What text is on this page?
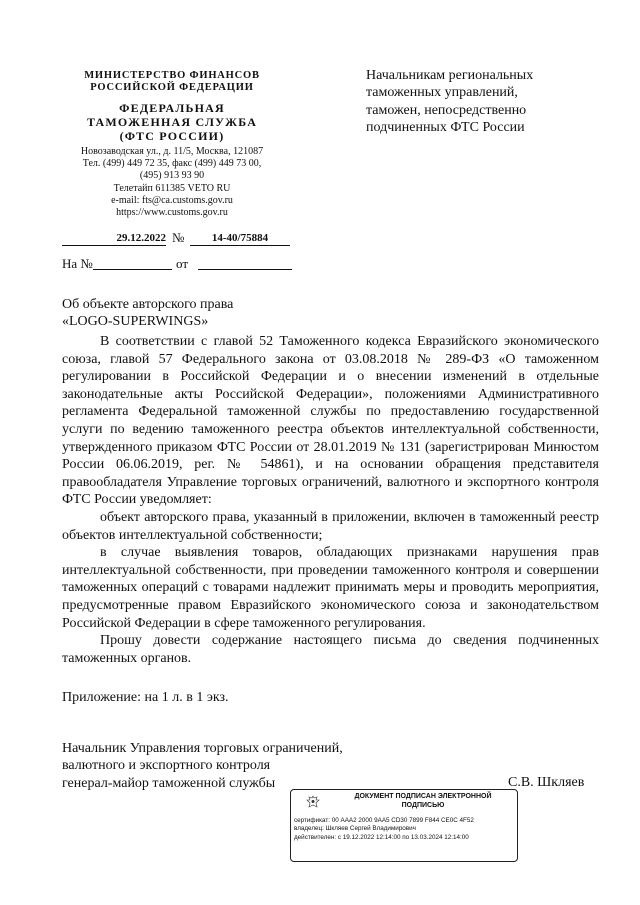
МИНИСТЕРСТВО ФИНАНСОВ
РОССИЙСКОЙ ФЕДЕРАЦИИ
ФЕДЕРАЛЬНАЯ
ТАМОЖЕННАЯ СЛУЖБА
(ФТС РОССИИ)
Новозаводская ул., д. 11/5, Москва, 121087
Тел. (499) 449 72 35, факс (499) 449 73 00,
(495) 913 93 90
Телетайп 611385 VETO RU
e-mail: fts@ca.customs.gov.ru
https://www.customs.gov.ru
29.12.2022 №	14-40/75884
На №	от
Начальникам региональных
таможенных управлений,
таможен, непосредственно
подчиненных ФТС России
Об объекте авторского права
«LOGO-SUPERWINGS»

В соответствии с главой 52 Таможенного кодекса Евразийского экономического союза, главой 57 Федерального закона от 03.08.2018 № 289-ФЗ «О таможенном регулировании в Российской Федерации и о внесении изменений в отдельные законодательные акты Российской Федерации», положениями Административного регламента Федеральной таможенной службы по предоставлению государственной услуги по ведению таможенного реестра объектов интеллектуальной собственности, утвержденного приказом ФТС России от 28.01.2019 № 131 (зарегистрирован Минюстом России 06.06.2019, рег. № 54861), и на основании обращения представителя правообладателя Управление торговых ограничений, валютного и экспортного контроля ФТС России уведомляет:

объект авторского права, указанный в приложении, включен в таможенный реестр объектов интеллектуальной собственности;

в случае выявления товаров, обладающих признаками нарушения прав интеллектуальной собственности, при проведении таможенного контроля и совершении таможенных операций с товарами надлежит принимать меры и проводить мероприятия, предусмотренные правом Евразийского экономического союза и законодательством Российской Федерации в сфере таможенного регулирования.

Прошу довести содержание настоящего письма до сведения подчиненных таможенных органов.

Приложение: на 1 л. в 1 экз.
Начальник Управления торговых ограничений,
валютного и экспортного контроля
генерал-майор таможенной службы	С.В. Шкляев
ДОКУМЕНТ ПОДПИСАН ЭЛЕКТРОННОЙ
ПОДПИСЬЮ
сертификат: 00 AAA2 2000 9AA5 CD30 7899 F844 CE0C 4F52
владелец: Шкляев Сергей Владимирович
действителен: с 19.12.2022 12:14:00 по 13.03.2024 12:14:00
